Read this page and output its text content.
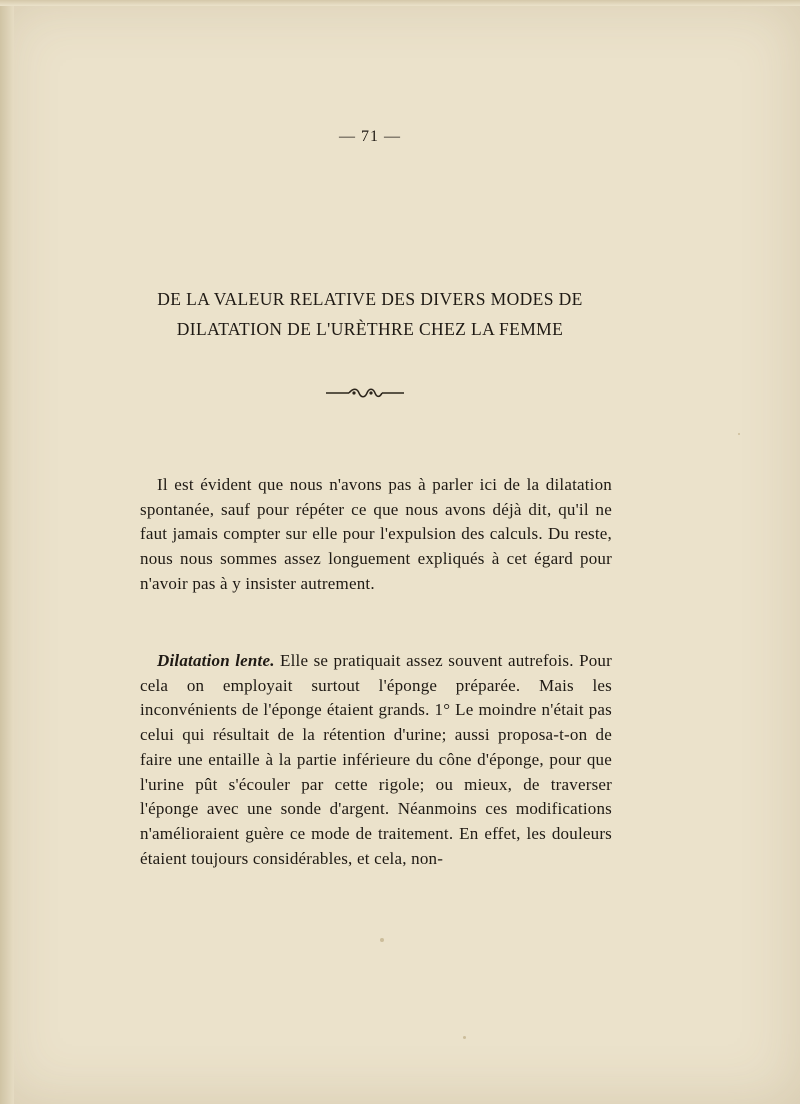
— 71 —
DE LA VALEUR RELATIVE DES DIVERS MODES DE
DILATATION DE L'URÈTHRE CHEZ LA FEMME

Il est évident que nous n'avons pas à parler ici de la dilatation spontanée, sauf pour répéter ce que nous avons déjà dit, qu'il ne faut jamais compter sur elle pour l'expulsion des calculs. Du reste, nous nous sommes assez longuement expliqués à cet égard pour n'avoir pas à y insister autrement.

Dilatation lente. Elle se pratiquait assez souvent autrefois. Pour cela on employait surtout l'éponge préparée. Mais les inconvénients de l'éponge étaient grands. 1° Le moindre n'était pas celui qui résultait de la rétention d'urine; aussi proposa-t-on de faire une entaille à la partie inférieure du cône d'éponge, pour que l'urine pût s'écouler par cette rigole; ou mieux, de traverser l'éponge avec une sonde d'argent. Néanmoins ces modifications n'amélioraient guère ce mode de traitement. En effet, les douleurs étaient toujours considérables, et cela, non-
